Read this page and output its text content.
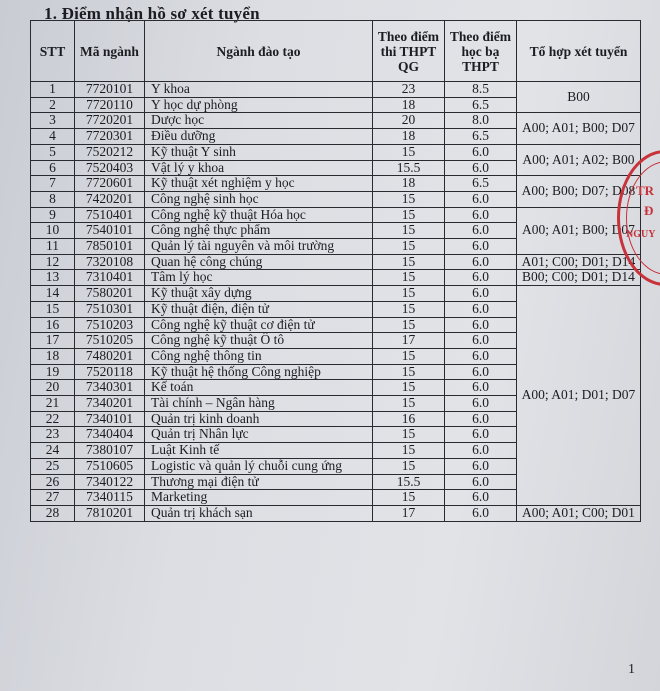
1. Điểm nhận hồ sơ xét tuyển
STT	Mã ngành	Ngành đào tạo	Theo điểm thi THPT QG	Theo điểm học bạ THPT	Tổ hợp xét tuyển
1	7720101	Y khoa	23	8.5	B00
2	7720110	Y học dự phòng	18	6.5	
3	7720201	Dược học	20	8.0	A00; A01; B00; D07
4	7720301	Điều dưỡng	18	6.5	
5	7520212	Kỹ thuật Y sinh	15	6.0	A00; A01; A02; B00
6	7520403	Vật lý y khoa	15.5	6.0	
7	7720601	Kỹ thuật xét nghiệm y học	18	6.5	A00; B00; D07; D08
8	7420201	Công nghệ sinh học	15	6.0	
9	7510401	Công nghệ kỹ thuật Hóa học	15	6.0	A00; A01; B00; D07
10	7540101	Công nghệ thực phẩm	15	6.0	
11	7850101	Quản lý tài nguyên và môi trường	15	6.0	
12	7320108	Quan hệ công chúng	15	6.0	A01; C00; D01; D14
13	7310401	Tâm lý học	15	6.0	B00; C00; D01; D14
14	7580201	Kỹ thuật xây dựng	15	6.0	A00; A01; D01; D07
15	7510301	Kỹ thuật điện, điện tử	15	6.0	
16	7510203	Công nghệ kỹ thuật cơ điện tử	15	6.0	
17	7510205	Công nghệ kỹ thuật Ô tô	17	6.0	
18	7480201	Công nghệ thông tin	15	6.0	
19	7520118	Kỹ thuật hệ thống Công nghiệp	15	6.0	
20	7340301	Kế toán	15	6.0	
21	7340201	Tài chính – Ngân hàng	15	6.0	
22	7340101	Quản trị kinh doanh	16	6.0	
23	7340404	Quản trị Nhân lực	15	6.0	
24	7380107	Luật Kinh tế	15	6.0	
25	7510605	Logistic và quản lý chuỗi cung ứng	15	6.0	
26	7340122	Thương mại điện tử	15.5	6.0	
27	7340115	Marketing	15	6.0	
28	7810201	Quản trị khách sạn	17	6.0	A00; A01; C00; D01
1
TR
Đ
NGUY
